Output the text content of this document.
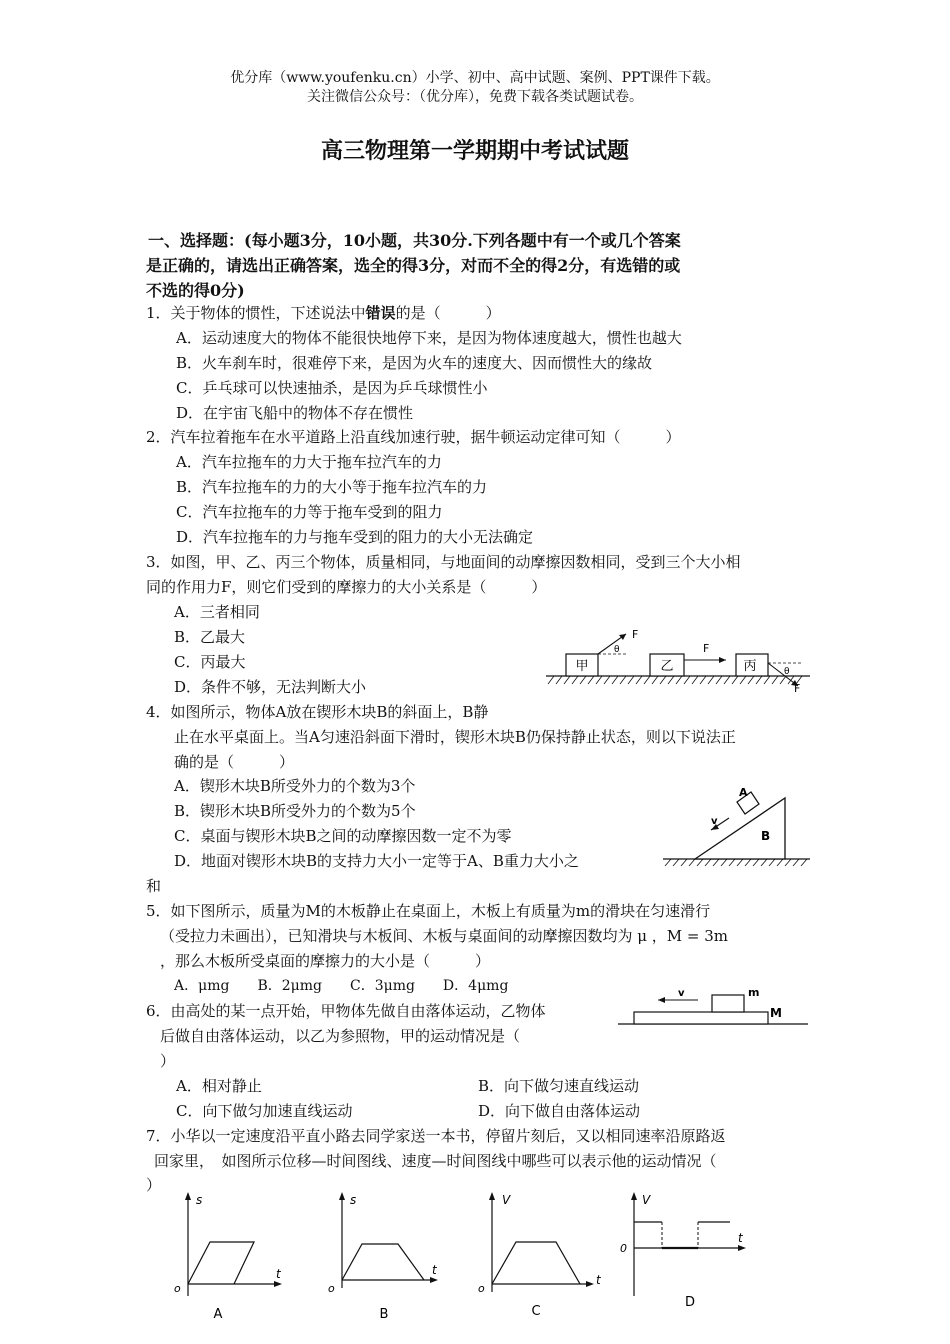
优分库（www.youfenku.cn）小学、初中、高中试题、案例、PPT课件下载。
关注微信公众号：（优分库），免费下载各类试题试卷。
高三物理第一学期期中考试试题
一、选择题：(每小题3分，10小题，共30分.下列各题中有一个或几个答案
是正确的，请选出正确答案，选全的得3分，对而不全的得2分，有选错的或
不选的得0分)
1．关于物体的惯性，下述说法中错误的是（　　　）
A．运动速度大的物体不能很快地停下来，是因为物体速度越大，惯性也越大
B．火车刹车时，很难停下来，是因为火车的速度大、因而惯性大的缘故
C．乒乓球可以快速抽杀，是因为乒乓球惯性小
D．在宇宙飞船中的物体不存在惯性
2．汽车拉着拖车在水平道路上沿直线加速行驶，据牛顿运动定律可知（　　　）
A．汽车拉拖车的力大于拖车拉汽车的力
B．汽车拉拖车的力的大小等于拖车拉汽车的力
C．汽车拉拖车的力等于拖车受到的阻力
D．汽车拉拖车的力与拖车受到的阻力的大小无法确定
3．如图，甲、乙、丙三个物体，质量相同，与地面间的动摩擦因数相同，受到三个大小相
同的作用力F，则它们受到的摩擦力的大小关系是（　　　）
A．三者相同
B．乙最大
C．丙最大
D．条件不够，无法判断大小
甲
F
θ
乙
F
丙	θ
F
4．如图所示，物体A放在锲形木块B的斜面上，B静
止在水平桌面上。当A匀速沿斜面下滑时，锲形木块B仍保持静止状态，则以下说法正
确的是（　　　）
A．锲形木块B所受外力的个数为3个
B．锲形木块B所受外力的个数为5个
C．桌面与锲形木块B之间的动摩擦因数一定不为零
D．地面对锲形木块B的支持力大小一定等于A、B重力大小之
和
B
A
v
5．如下图所示，质量为M的木板静止在桌面上，木板上有质量为m的滑块在匀速滑行
（受拉力未画出），已知滑块与木板间、木板与桌面间的动摩擦因数均为 μ ，M = 3m
，那么木板所受桌面的摩擦力的大小是（　　　）
A．μmg　　B．2μmg　　C．3μmg　　D．4μmg	m
M
v
6．由高处的某一点开始，甲物体先做自由落体运动，乙物体
后做自由落体运动，以乙为参照物，甲的运动情况是（
）
A．相对静止	B．向下做匀速直线运动
C．向下做匀加速直线运动	D．向下做自由落体运动
7．小华以一定速度沿平直小路去同学家送一本书，停留片刻后，又以相同速率沿原路返
回家里，　如图所示位移—时间图线、速度—时间图线中哪些可以表示他的运动情况（
）
s
t
o
A
s
t
o
B
V
t
o
C
V
t
0
D
